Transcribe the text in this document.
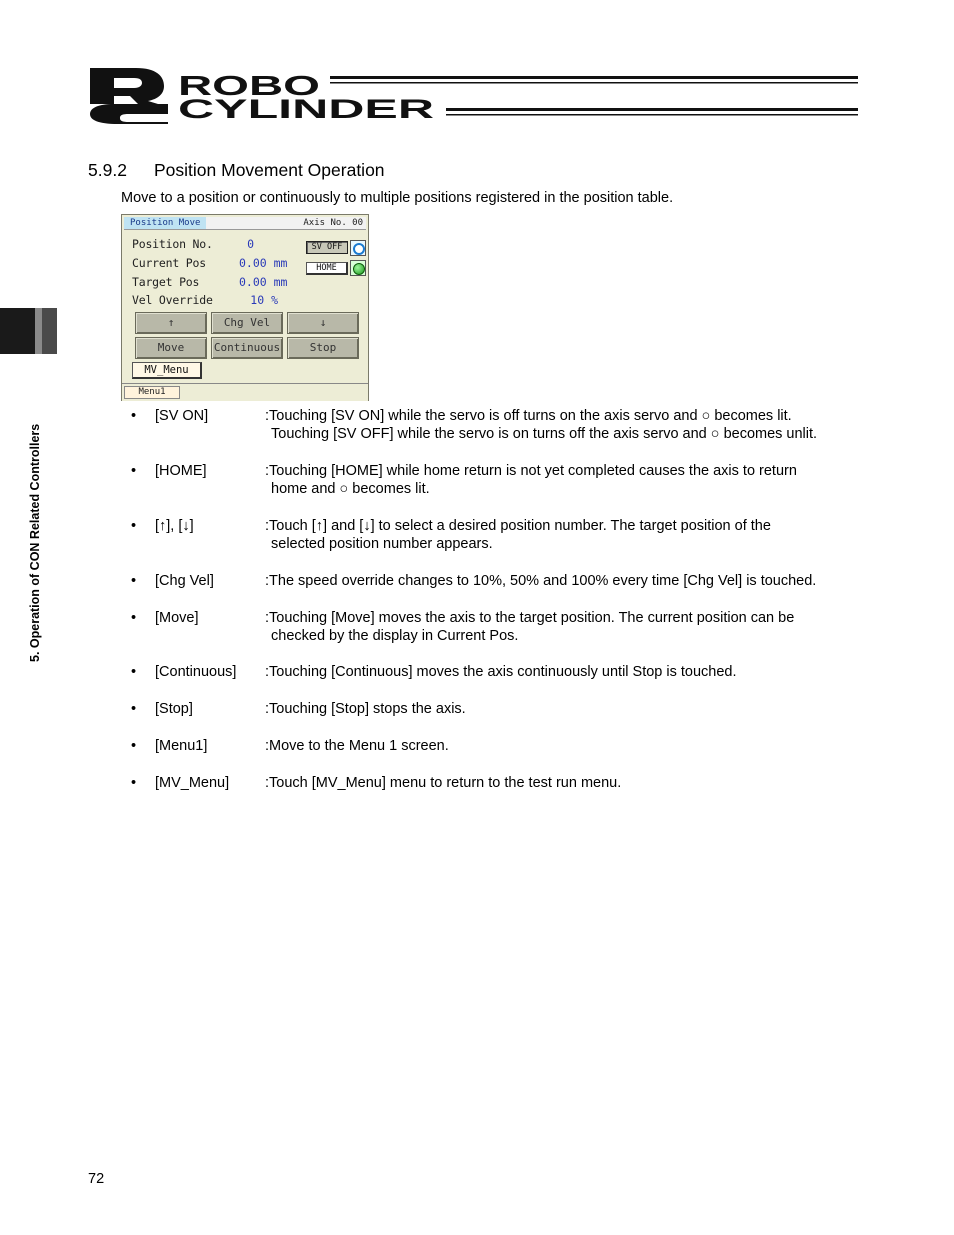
ROBO
CYLINDER
5. Operation of CON Related Controllers
5.9.2 Position Movement Operation
Move to a position or continuously to multiple positions registered in the position table.
Position Move	Axis No. 00
Position No.	0
Current Pos	0.00 mm
Target Pos	0.00 mm
Vel Override	10 %
SV OFF
HOME
↑	Chg Vel	↓
Move	Continuous	Stop
MV_Menu
Menu1
• [SV ON]	:Touching [SV ON] while the servo is off turns on the axis servo and ○ becomes lit.
Touching [SV OFF] while the servo is on turns off the axis servo and ○ becomes unlit.
• [HOME]	:Touching [HOME] while home return is not yet completed causes the axis to return
home and ○ becomes lit.
• [↑], [↓]	:Touch [↑] and [↓] to select a desired position number. The target position of the
selected position number appears.
• [Chg Vel]	:The speed override changes to 10%, 50% and 100% every time [Chg Vel] is touched.
• [Move]	:Touching [Move] moves the axis to the target position. The current position can be
checked by the display in Current Pos.
• [Continuous] :Touching [Continuous] moves the axis continuously until Stop is touched.
• [Stop]	:Touching [Stop] stops the axis.
• [Menu1]	:Move to the Menu 1 screen.
• [MV_Menu] :Touch [MV_Menu] menu to return to the test run menu.
72
